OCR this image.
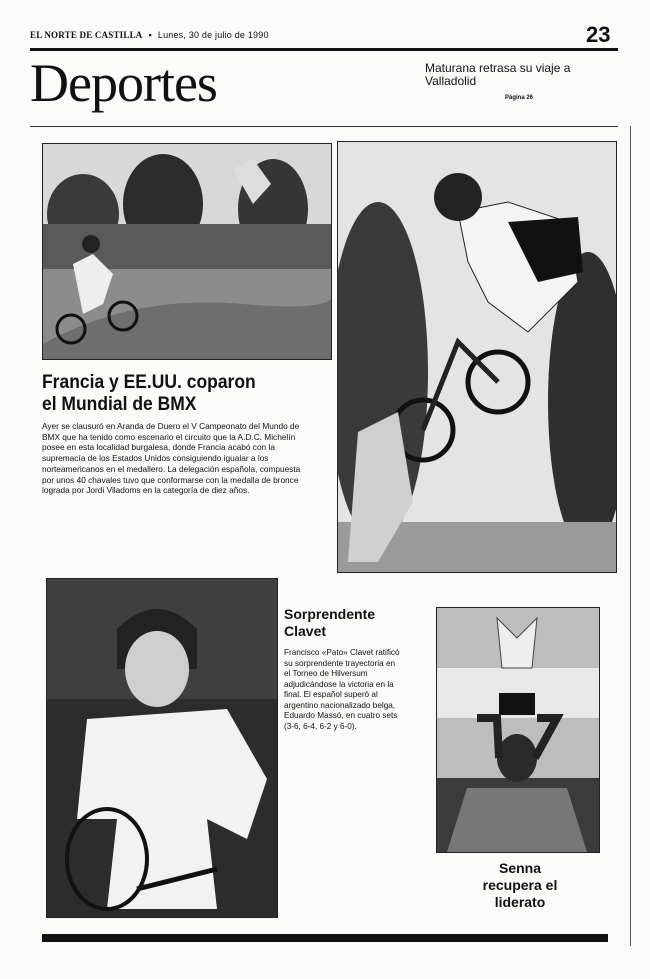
EL NORTE DE CASTILLA ▪ Lunes, 30 de julio de 1990	23
Deportes	Maturana retrasa su viaje a Valladolid
Página 26
Francia y EE.UU. coparon el Mundial de BMX
Ayer se clausuró en Aranda de Duero el V Campeonato del Mundo de BMX que ha tenido como escenario el circuito que la A.D.C. Michelín posee en esta localidad burgalesa, donde Francia acabó con la supremacía de los Estados Unidos consiguiendo igualar a los norteamericanos en el medallero. La delegación española, compuesta por unos 40 chavales tuvo que conformarse con la medalla de bronce lograda por Jordi Viladoms en la categoría de diez años.
Sorprendente Clavet
Francisco «Pato» Clavet ratificó su sorprendente trayectoria en el Torneo de Hilversum adjudicándose la victoria en la final. El español superó al argentino nacionalizado belga, Eduardo Massó, en cuatro sets (3-6, 6-4, 6-2 y 6-0).
Senna recupera el liderato
